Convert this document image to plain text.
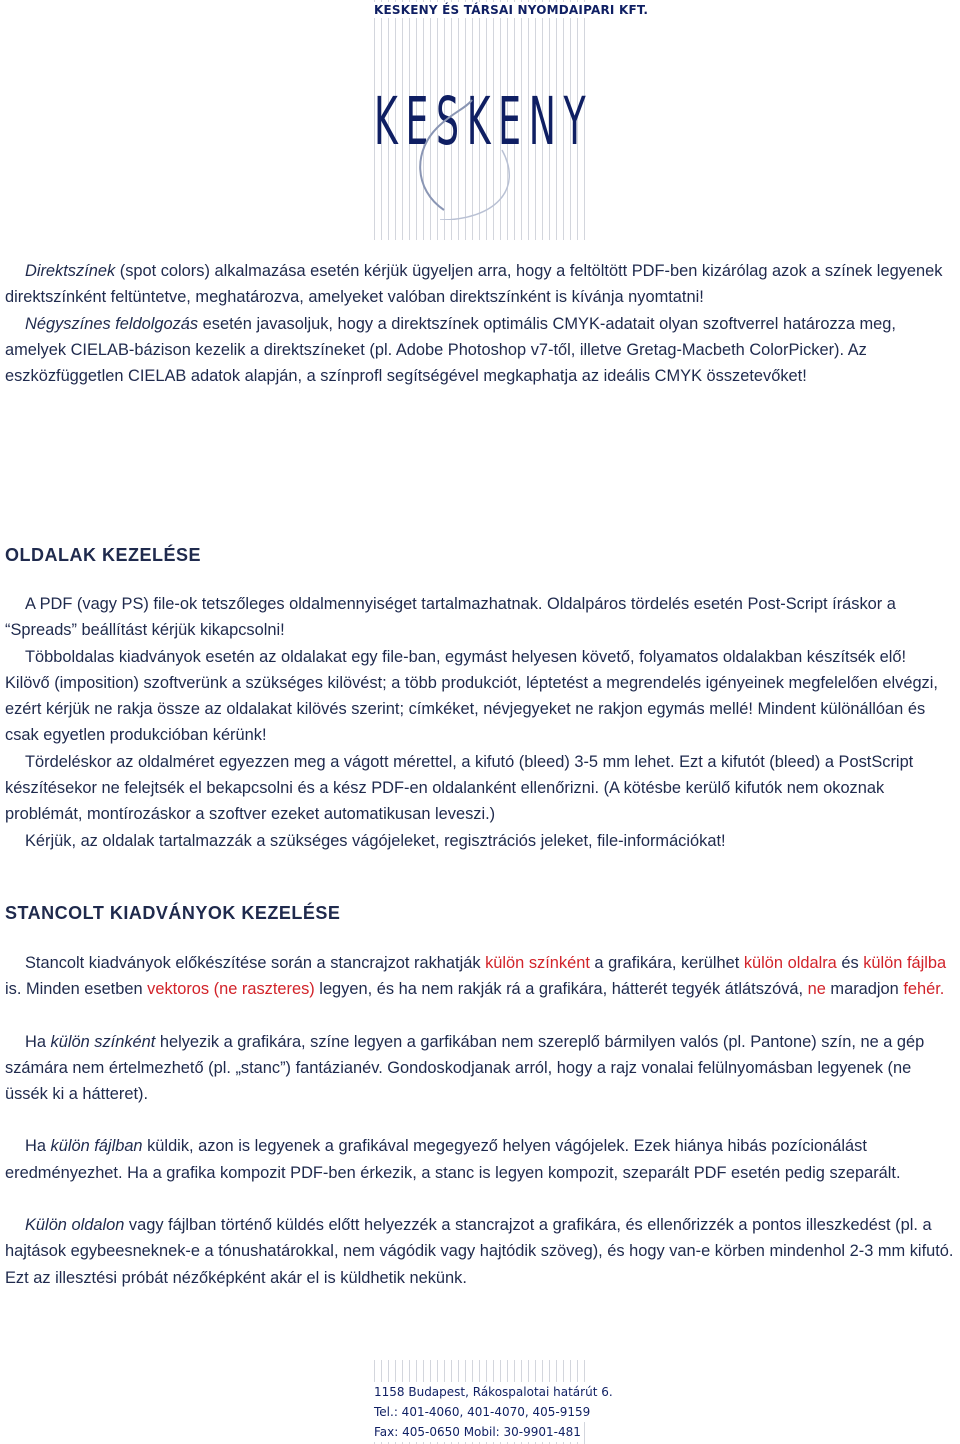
KESKENY ÉS TÁRSAI NYOMDAIPARI KFT.
K E S K E N Y

Direktszínek (spot colors) alkalmazása esetén kérjük ügyeljen arra, hogy a feltöltött PDF-ben kizárólag azok a színek legyenek direktszínként feltüntetve, meghatározva, amelyeket valóban direktszínként is kívánja nyomtatni!

Négyszínes feldolgozás esetén javasoljuk, hogy a direktszínek optimális CMYK-adatait olyan szoftverrel határozza meg, amelyek CIELAB-bázison kezelik a direktszíneket (pl. Adobe Photoshop v7-től, illetve Gretag-Macbeth ColorPicker). Az eszközfüggetlen CIELAB adatok alapján, a színprofl segítségével megkaphatja az ideális CMYK összetevőket!

OLDALAK KEZELÉSE

A PDF (vagy PS) file-ok tetszőleges oldalmennyiséget tartalmazhatnak. Oldalpáros tördelés esetén Post-Script íráskor a “Spreads” beállítást kérjük kikapcsolni!

Többoldalas kiadványok esetén az oldalakat egy file-ban, egymást helyesen követő, folyamatos oldalakban készítsék elő! Kilövő (imposition) szoftverünk a szükséges kilövést; a több produkciót, léptetést a megrendelés igényeinek megfelelően elvégzi, ezért kérjük ne rakja össze az oldalakat kilövés szerint; címkéket, névjegyeket ne rakjon egymás mellé! Mindent különállóan és csak egyetlen produkcióban kérünk!

Tördeléskor az oldalméret egyezzen meg a vágott mérettel, a kifutó (bleed) 3-5 mm lehet. Ezt a kifutót (bleed) a PostScript készítésekor ne felejtsék el bekapcsolni és a kész PDF-en oldalanként ellenőrizni. (A kötésbe kerülő kifutók nem okoznak problémát, montírozáskor a szoftver ezeket automatikusan leveszi.)

Kérjük, az oldalak tartalmazzák a szükséges vágójeleket, regisztrációs jeleket, file-információkat!

STANCOLT KIADVÁNYOK KEZELÉSE

Stancolt kiadványok előkészítése során a stancrajzot rakhatják külön színként a grafikára, kerülhet külön oldalra és külön fájlba is. Minden esetben vektoros (ne raszteres) legyen, és ha nem rakják rá a grafikára, hátterét tegyék átlátszóvá, ne maradjon fehér.

Ha külön színként helyezik a grafikára, színe legyen a garfikában nem szereplő bármilyen valós (pl. Pantone) szín, ne a gép számára nem értelmezhető (pl. „stanc”) fantázianév. Gondoskodjanak arról, hogy a rajz vonalai felülnyomásban legyenek (ne üssék ki a hátteret).

Ha külön fájlban küldik, azon is legyenek a grafikával megegyező helyen vágójelek. Ezek hiánya hibás pozícionálást eredményezhet. Ha a grafika kompozit PDF-ben érkezik, a stanc is legyen kompozit, szeparált PDF esetén pedig szeparált.

Külön oldalon vagy fájlban történő küldés előtt helyezzék a stancrajzot a grafikára, és ellenőrizzék a pontos illeszkedést (pl. a hajtások egybeesneknek-e a tónushatárokkal, nem vágódik vagy hajtódik szöveg), és hogy van-e körben mindenhol 2-3 mm kifutó. Ezt az illesztési próbát nézőképként akár el is küldhetik nekünk.

1158 Budapest, Rákospalotai határút 6.
Tel.: 401-4060, 401-4070, 405-9159
Fax: 405-0650 Mobil: 30-9901-481
